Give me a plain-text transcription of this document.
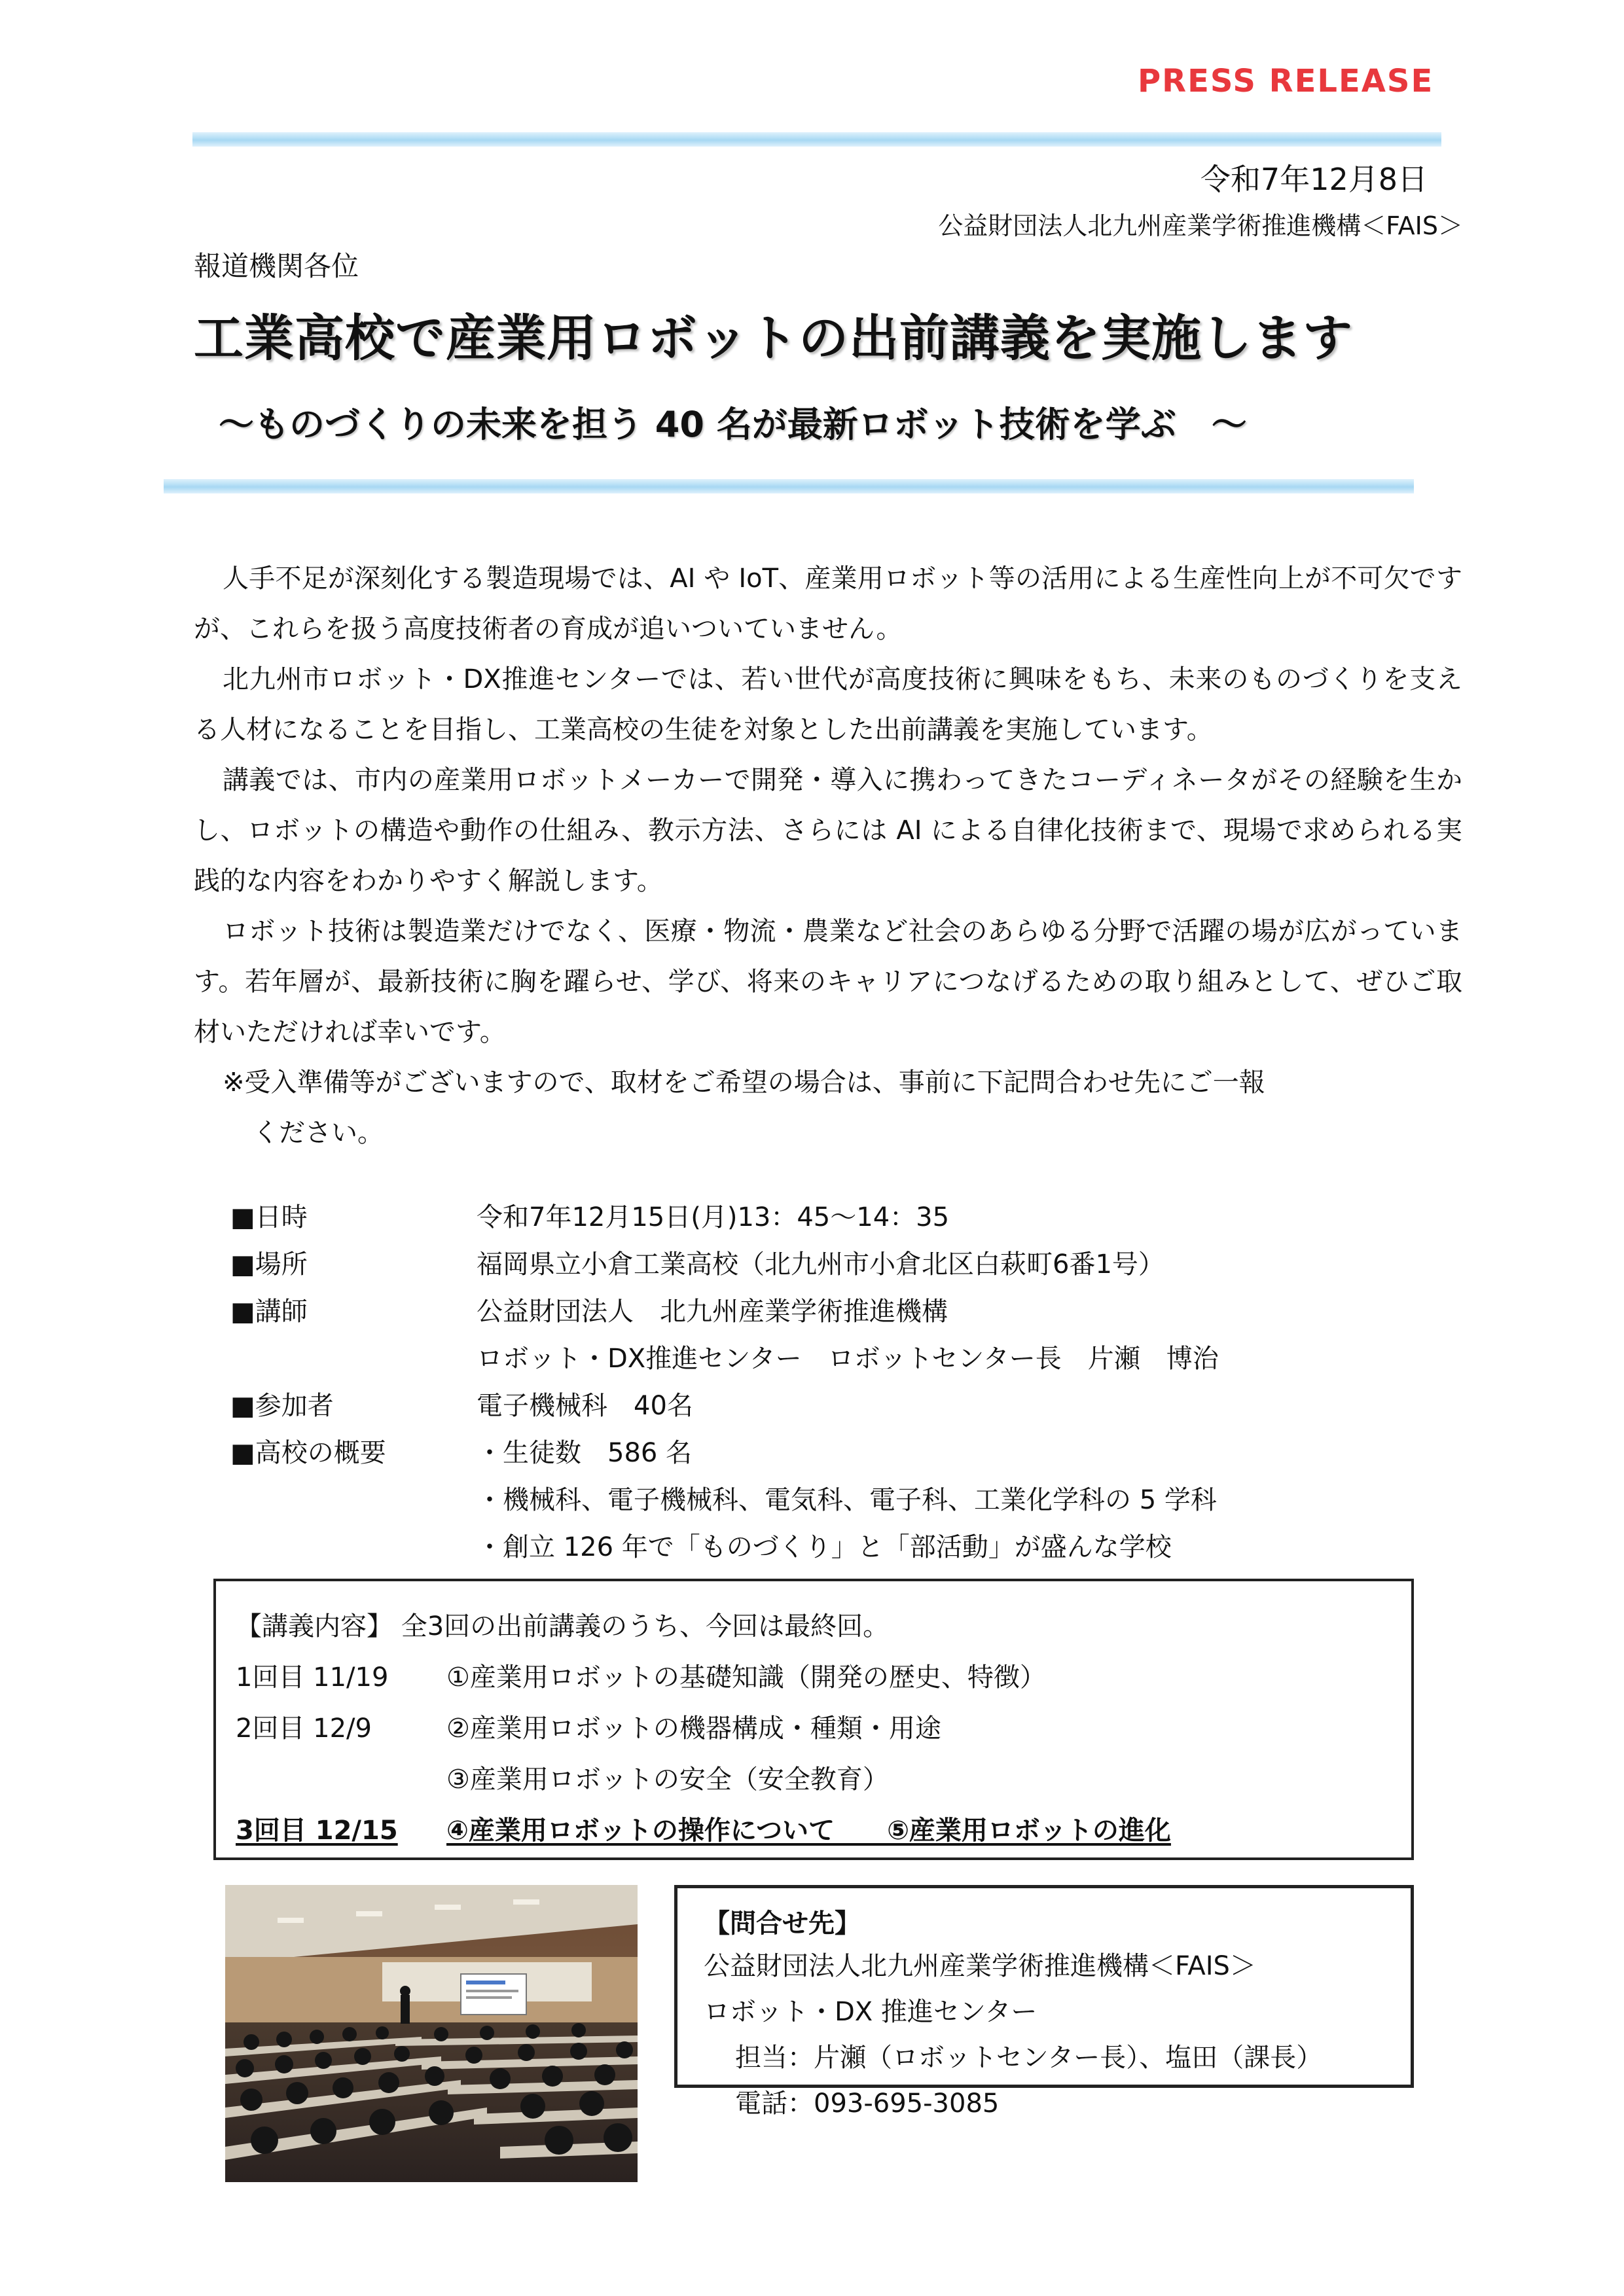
PRESS RELEASE
令和7年12月8日
公益財団法人北九州産業学術推進機構＜FAIS＞
報道機関各位
工業高校で産業用ロボットの出前講義を実施します
～ものづくりの未来を担う 40 名が最新ロボット技術を学ぶ　～

人手不足が深刻化する製造現場では、AI や IoT、産業用ロボット等の活用による生産性向上が不可欠ですが、これらを扱う高度技術者の育成が追いついていません。

北九州市ロボット・DX推進センターでは、若い世代が高度技術に興味をもち、未来のものづくりを支える人材になることを目指し、工業高校の生徒を対象とした出前講義を実施しています。

講義では、市内の産業用ロボットメーカーで開発・導入に携わってきたコーディネータがその経験を生かし、ロボットの構造や動作の仕組み、教示方法、さらには AI による自律化技術まで、現場で求められる実践的な内容をわかりやすく解説します。

ロボット技術は製造業だけでなく、医療・物流・農業など社会のあらゆる分野で活躍の場が広がっています。若年層が、最新技術に胸を躍らせ、学び、将来のキャリアにつなげるための取り組みとして、ぜひご取材いただければ幸いです。

※受入準備等がございますので、取材をご希望の場合は、事前に下記問合わせ先にご一報
ください。

■日時	令和7年12月15日(月)13：45～14：35
■場所	福岡県立小倉工業高校（北九州市小倉北区白萩町6番1号）
■講師	公益財団法人　北九州産業学術推進機構
ロボット・DX推進センター　ロボットセンター長　片瀬　博治
■参加者	電子機械科　40名
■高校の概要	・生徒数　586 名
・機械科、電子機械科、電気科、電子科、工業化学科の 5 学科
・創立 126 年で「ものづくり」と「部活動」が盛んな学校
【講義内容】 全3回の出前講義のうち、今回は最終回。
1回目 11/19	①産業用ロボットの基礎知識（開発の歴史、特徴）
2回目 12/9	②産業用ロボットの機器構成・種類・用途
③産業用ロボットの安全（安全教育）
3回目 12/15	④産業用ロボットの操作について　　⑤産業用ロボットの進化
【問合せ先】
公益財団法人北九州産業学術推進機構＜FAIS＞
ロボット・DX 推進センター
担当：片瀬（ロボットセンター長）、塩田（課長）
電話：093-695-3085
